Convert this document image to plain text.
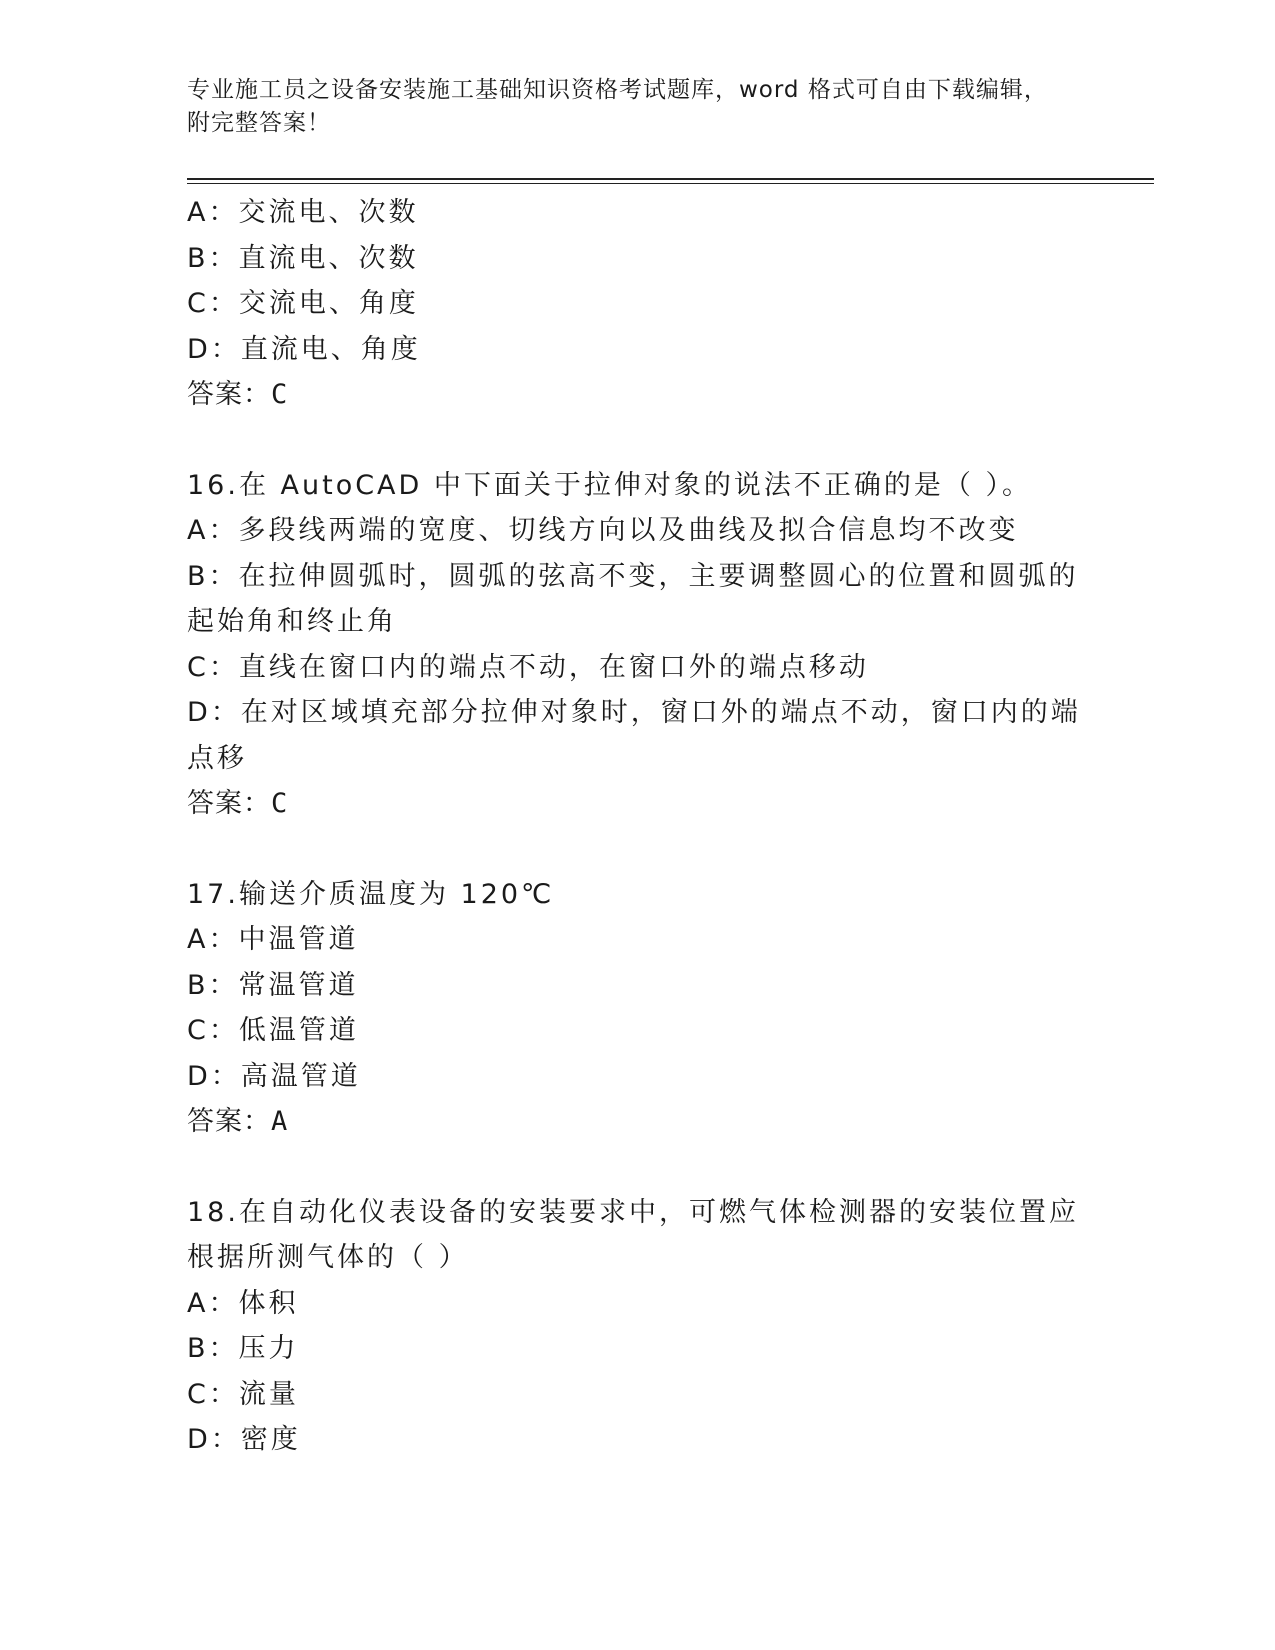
专业施工员之设备安装施工基础知识资格考试题库，word 格式可自由下载编辑，
附完整答案！

A：交流电、次数

B：直流电、次数

C：交流电、角度

D：直流电、角度

答案：C

16.在 AutoCAD 中下面关于拉伸对象的说法不正确的是（ ）。

A：多段线两端的宽度、切线方向以及曲线及拟合信息均不改变

B：在拉伸圆弧时，圆弧的弦高不变，主要调整圆心的位置和圆弧的起始角和终止角

C：直线在窗口内的端点不动，在窗口外的端点移动

D：在对区域填充部分拉伸对象时，窗口外的端点不动，窗口内的端点移

答案：C

17.输送介质温度为 120℃

A：中温管道

B：常温管道

C：低温管道

D：高温管道

答案：A

18.在自动化仪表设备的安装要求中，可燃气体检测器的安装位置应根据所测气体的（ ）

A：体积

B：压力

C：流量

D：密度
